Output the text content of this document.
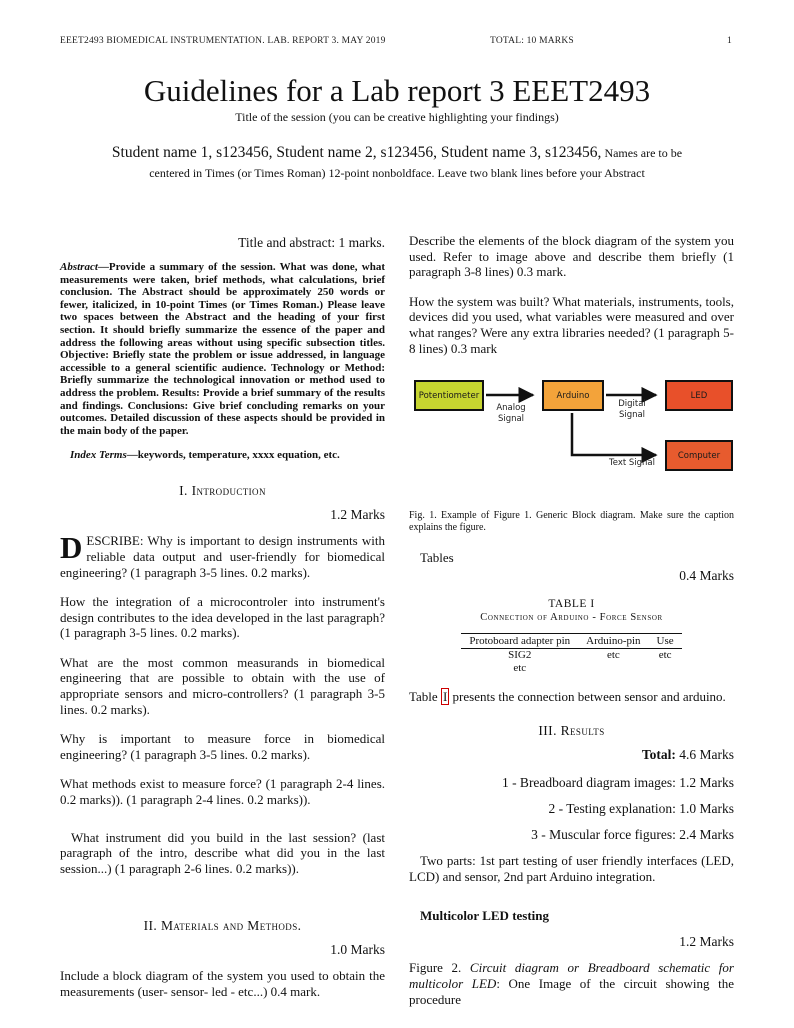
EEET2493 BIOMEDICAL INSTRUMENTATION. LAB. REPORT 3. MAY 2019	TOTAL: 10 MARKS	1
Guidelines for a Lab report 3 EEET2493
Title of the session (you can be creative highlighting your findings)
Student name 1, s123456, Student name 2, s123456, Student name 3, s123456, Names are to be centered in Times (or Times Roman) 12-point nonboldface. Leave two blank lines before your Abstract
Title and abstract: 1 marks.

Abstract—Provide a summary of the session. What was done, what measurements were taken, brief methods, what calculations, brief conclusion. The Abstract should be approximately 250 words or fewer, italicized, in 10-point Times (or Times Roman.) Please leave two spaces between the Abstract and the heading of your first section. It should briefly summarize the essence of the paper and address the following areas without using specific subsection titles. Objective: Briefly state the problem or issue addressed, in language accessible to a general scientific audience. Technology or Method: Briefly summarize the technological innovation or method used to address the problem. Results: Provide a brief summary of the results and findings. Conclusions: Give brief concluding remarks on your outcomes. Detailed discussion of these aspects should be provided in the main body of the paper.

Index Terms—keywords, temperature, xxxx equation, etc.

I. Introduction
1.2 Marks

DESCRIBE: Why is important to design instruments with reliable data output and user-friendly for biomedical engineering? (1 paragraph 3-5 lines. 0.2 marks).

How the integration of a microcontroler into instrument's design contributes to the idea developed in the last paragraph? (1 paragraph 3-5 lines. 0.2 marks).

What are the most common measurands in biomedical engineering that are possible to obtain with the use of appropriate sensors and micro-controllers? (1 paragraph 3-5 lines. 0.2 marks).

Why is important to measure force in biomedical engineering? (1 paragraph 3-5 lines. 0.2 marks).

What methods exist to measure force? (1 paragraph 2-4 lines. 0.2 marks)). (1 paragraph 2-4 lines. 0.2 marks)).

What instrument did you build in the last session? (last paragraph of the intro, describe what did you in the last session...) (1 paragraph 2-6 lines. 0.2 marks)).

II. Materials and Methods.
1.0 Marks

Include a block diagram of the system you used to obtain the measurements (user- sensor- led - etc...) 0.4 mark.

Describe the elements of the block diagram of the system you used. Refer to image above and describe them briefly (1 paragraph 3-8 lines) 0.3 mark.

How the system was built? What materials, instruments, tools, devices did you used, what variables were measured and over what ranges? Were any extra libraries needed? (1 paragraph 5-8 lines) 0.3 mark

Potentiometer	Arduino	LED
Computer
Analog Signal
Digital Signal
Text Signal

Fig. 1. Example of Figure 1. Generic Block diagram. Make sure the caption explains the figure.

Tables

0.4 Marks
TABLE I
Connection of Arduino - Force Sensor
Protoboard adapter pin	Arduino-pin	Use
SIG2	etc	etc
etc		

Table I presents the connection between sensor and arduino.

III. Results
Total: 4.6 Marks
1 - Breadboard diagram images: 1.2 Marks
2 - Testing explanation: 1.0 Marks
3 - Muscular force figures: 2.4 Marks

Two parts: 1st part testing of user friendly interfaces (LED, LCD) and sensor, 2nd part Arduino integration.

Multicolor LED testing
1.2 Marks

Figure 2. Circuit diagram or Breadboard schematic for multicolor LED: One Image of the circuit showing the procedure
